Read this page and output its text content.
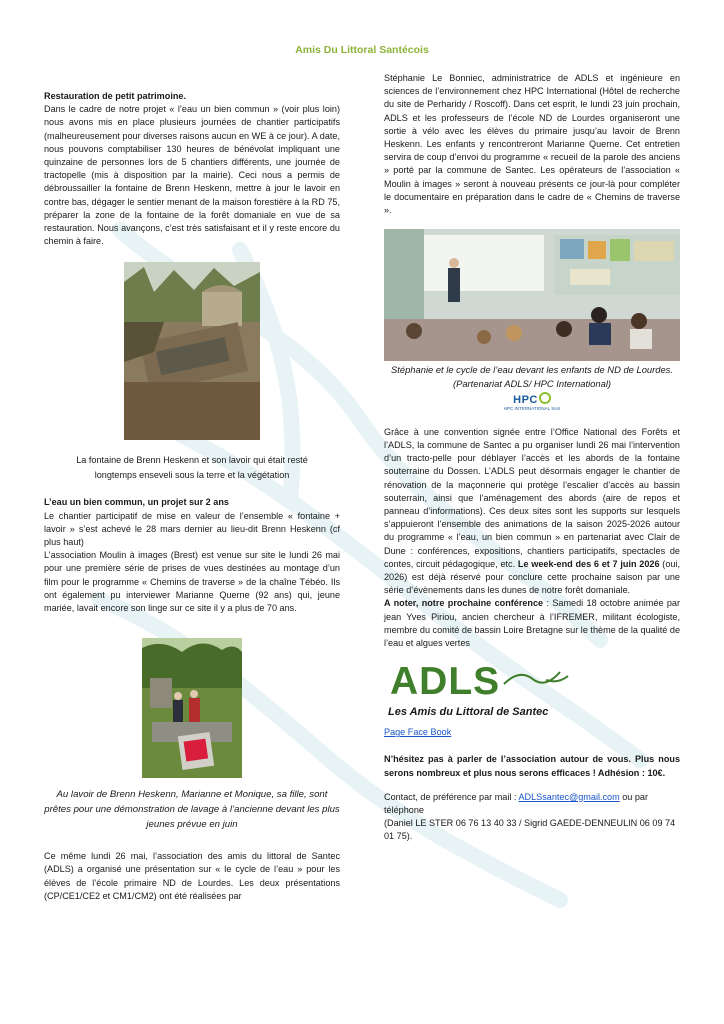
Amis Du Littoral Santécois

Restauration de petit patrimoine.

Dans le cadre de notre projet « l’eau un bien commun » (voir plus loin) nous avons mis en place plusieurs journées de chantier participatifs (malheureusement pour diverses raisons aucun en WE à ce jour). A date, nous pouvons comptabiliser 130 heures de bénévolat impliquant une quinzaine de personnes lors de 5 chantiers différents, une journée de tractopelle (mis à disposition par la mairie). Ceci nous a permis de débroussailler la fontaine de Brenn Heskenn, mettre à jour le lavoir en contre bas, dégager le sentier menant de la maison forestière à la RD 75, préparer la zone de la fontaine de la forêt domaniale en vue de sa restauration. Nous avançons, c’est très satisfaisant et il y reste encore du chemin à faire.

La fontaine de Brenn Heskenn et son lavoir qui était resté longtemps enseveli sous la terre et la végétation

L’eau un bien commun, un projet sur 2 ans

Le chantier participatif de mise en valeur de l’ensemble « fontaine + lavoir » s’est achevé le 28 mars dernier au lieu-dit Brenn Heskenn (cf plus haut)

L’association Moulin à images (Brest) est venue sur site le lundi 26 mai pour une première série de prises de vues destinées au montage d’un film pour le programme « Chemins de traverse » de la chaîne Tébéo. Ils ont également pu interviewer Marianne Querne (92 ans) qui, jeune mariée, lavait encore son linge sur ce site il y a plus de 70 ans.

Au lavoir de Brenn Heskenn, Marianne et Monique, sa fille, sont prêtes pour une démonstration de lavage à l’ancienne devant les plus jeunes prévue en juin

Ce même lundi 26 mai, l’association des amis du littoral de Santec (ADLS) a organisé une présentation sur « le cycle de l’eau » pour les élèves de l’école primaire ND de Lourdes. Les deux présentations (CP/CE1/CE2 et CM1/CM2) ont été réalisées par

Stéphanie Le Bonniec, administratrice de ADLS et ingénieure en sciences de l’environnement chez HPC International (Hôtel de recherche du site de Perharidy / Roscoff). Dans cet esprit, le lundi 23 juin prochain, ADLS et les professeurs de l’école ND de Lourdes organiseront une sortie à vélo avec les élèves du primaire jusqu’au lavoir de Brenn Heskenn. Les enfants y rencontreront Marianne Querne. Cet entretien servira de coup d’envoi du programme « recueil de la parole des anciens » porté par la commune de Santec. Les opérateurs de l’association « Moulin à images » seront à nouveau présents ce jour-là pour compléter le documentaire en préparation dans le cadre de « Chemins de traverse ».

Stéphanie et le cycle de l’eau devant les enfants de ND de Lourdes. (Partenariat ADLS/ HPC International)

HPC
HPC INTERNATIONAL SAS

Grâce à une convention signée entre l’Office National des Forêts et l’ADLS, la commune de Santec a pu organiser lundi 26 mai l’intervention d’un tracto-pelle pour déblayer l’accès et les abords de la fontaine souterraine du Dossen. L’ADLS peut désormais engager le chantier de rénovation de la maçonnerie qui protège l’escalier d’accès au bassin souterrain, ainsi que l’aménagement des abords (aire de repos et panneau d’informations). Ces deux sites sont les supports sur lesquels s’appuieront l’ensemble des animations de la saison 2025-2026 autour du programme « l’eau, un bien commun » en partenariat avec Clair de Dune : conférences, expositions, chantiers participatifs, spectacles de contes, circuit pédagogique, etc. Le week-end des 6 et 7 juin 2026 (oui, 2026) est déjà réservé pour conclure cette prochaine saison par une série d’évènements dans les dunes de notre forêt domaniale.

A noter, notre prochaine conférence : Samedi 18 octobre animée par jean Yves Piriou, ancien chercheur à l’IFREMER, militant écologiste, membre du comité de bassin Loire Bretagne sur le thème de la qualité de l’eau et algues vertes

ADLS
Les Amis du Littoral de Santec
Page Face Book

N’hésitez pas à parler de l’association autour de vous. Plus nous serons nombreux et plus nous serons efficaces ! Adhésion : 10€.

Contact, de préférence par mail : ADLSsantec@gmail.com ou par téléphone

(Daniel LE STER 06 76 13 40 33 / Sigrid GAEDE-DENNEULIN 06 09 74 01 75).
